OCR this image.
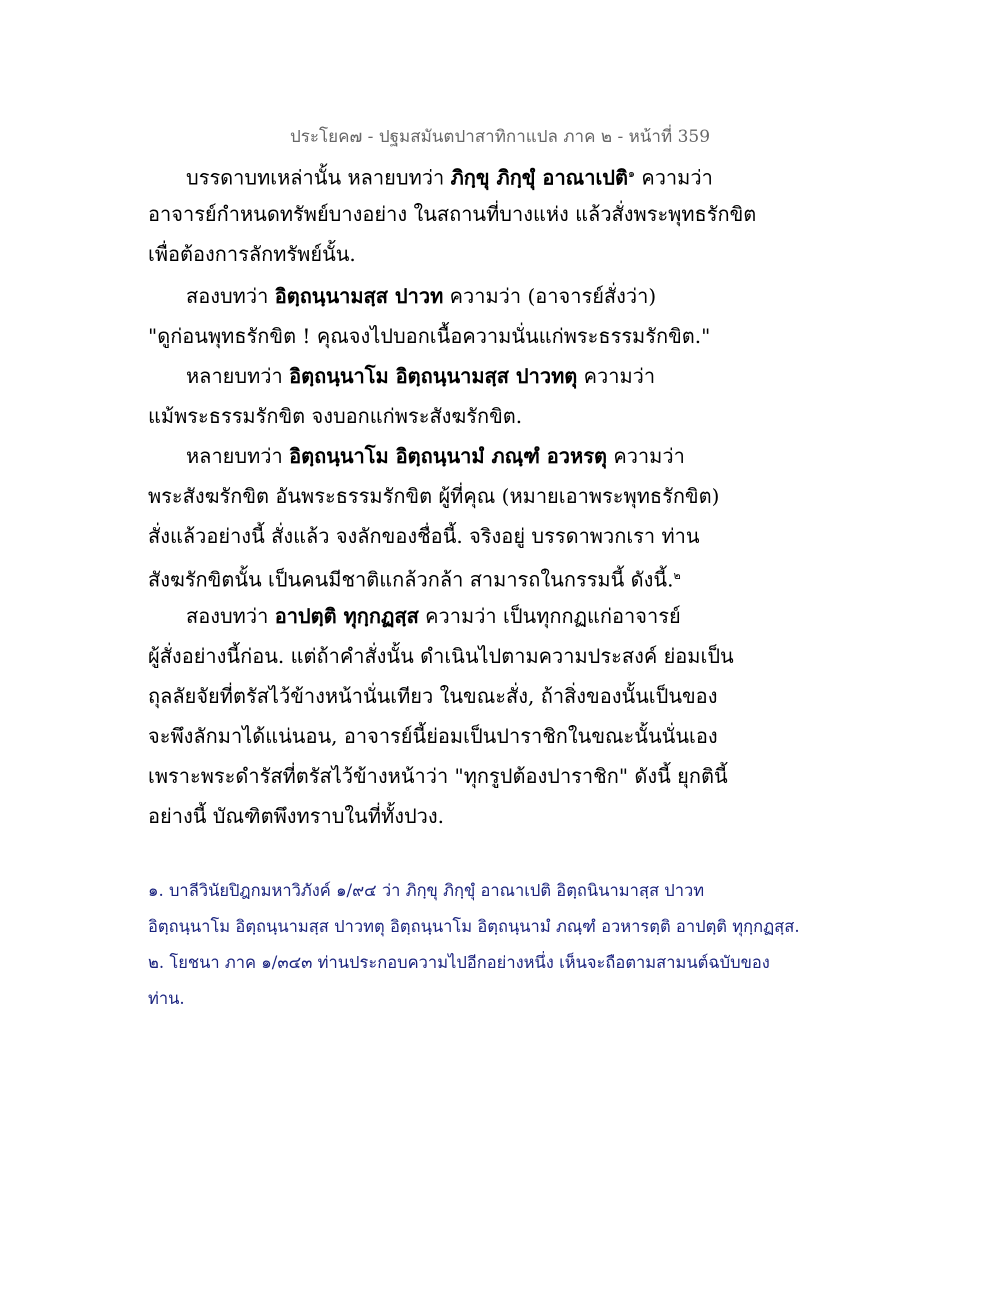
ประโยค๗ - ปฐมสมันตปาสาทิกาแปล ภาค ๒ - หน้าที่ 359
บรรดาบทเหล่านั้น หลายบทว่า ภิกฺขุ ภิกฺขุํ อาณาเปติ$^๑$ ความว่า
อาจารย์กำหนดทรัพย์บางอย่าง ในสถานที่บางแห่ง แล้วสั่งพระพุทธรักขิต
เพื่อต้องการลักทรัพย์นั้น.
สองบทว่า อิตฺถนฺนามสฺส ปาวท ความว่า (อาจารย์สั่งว่า)
"ดูก่อนพุทธรักขิต ! คุณจงไปบอกเนื้อความนั่นแก่พระธรรมรักขิต."
หลายบทว่า อิตฺถนฺนาโม อิตฺถนฺนามสฺส ปาวทตุ ความว่า
แม้พระธรรมรักขิต จงบอกแก่พระสังฆรักขิต.
หลายบทว่า อิตฺถนฺนาโม อิตฺถนฺนามํ ภณฺฑํ อวหรตุ ความว่า
พระสังฆรักขิต อันพระธรรมรักขิต ผู้ที่คุณ (หมายเอาพระพุทธรักขิต)
สั่งแล้วอย่างนี้ สั่งแล้ว จงลักของชื่อนี้. จริงอยู่ บรรดาพวกเรา ท่าน
สังฆรักขิตนั้น เป็นคนมีชาติแกล้วกล้า สามารถในกรรมนี้ ดังนี้.$^๒$
สองบทว่า อาปตฺติ ทุกฺกฏสฺส ความว่า เป็นทุกกฏแก่อาจารย์
ผู้สั่งอย่างนี้ก่อน. แต่ถ้าคำสั่งนั้น ดำเนินไปตามความประสงค์ ย่อมเป็น
ถุลลัยจัยที่ตรัสไว้ข้างหน้านั่นเทียว ในขณะสั่ง, ถ้าสิ่งของนั้นเป็นของ
จะพึงลักมาได้แน่นอน, อาจารย์นี้ย่อมเป็นปาราชิกในขณะนั้นนั่นเอง
เพราะพระดำรัสที่ตรัสไว้ข้างหน้าว่า "ทุกรูปต้องปาราชิก" ดังนี้ ยุกตินี้
อย่างนี้ บัณฑิตพึงทราบในที่ทั้งปวง.
๑. บาลีวินัยปิฎกมหาวิภังค์ ๑/๙๔ ว่า ภิกฺขุ ภิกฺขุํ อาณาเปติ อิตฺถนินามาสฺส ปาวท
อิตฺถนฺนาโม อิตฺถนฺนามสฺส ปาวทตุ อิตฺถนฺนาโม อิตฺถนฺนามํ ภณฺฑํ อวหารตฺติ อาปตฺติ ทุกฺกฏสฺส.
๒. โยชนา ภาค ๑/๓๔๓ ท่านประกอบความไปอีกอย่างหนึ่ง เห็นจะถือตามสามนต์ฉบับของ
ท่าน.
